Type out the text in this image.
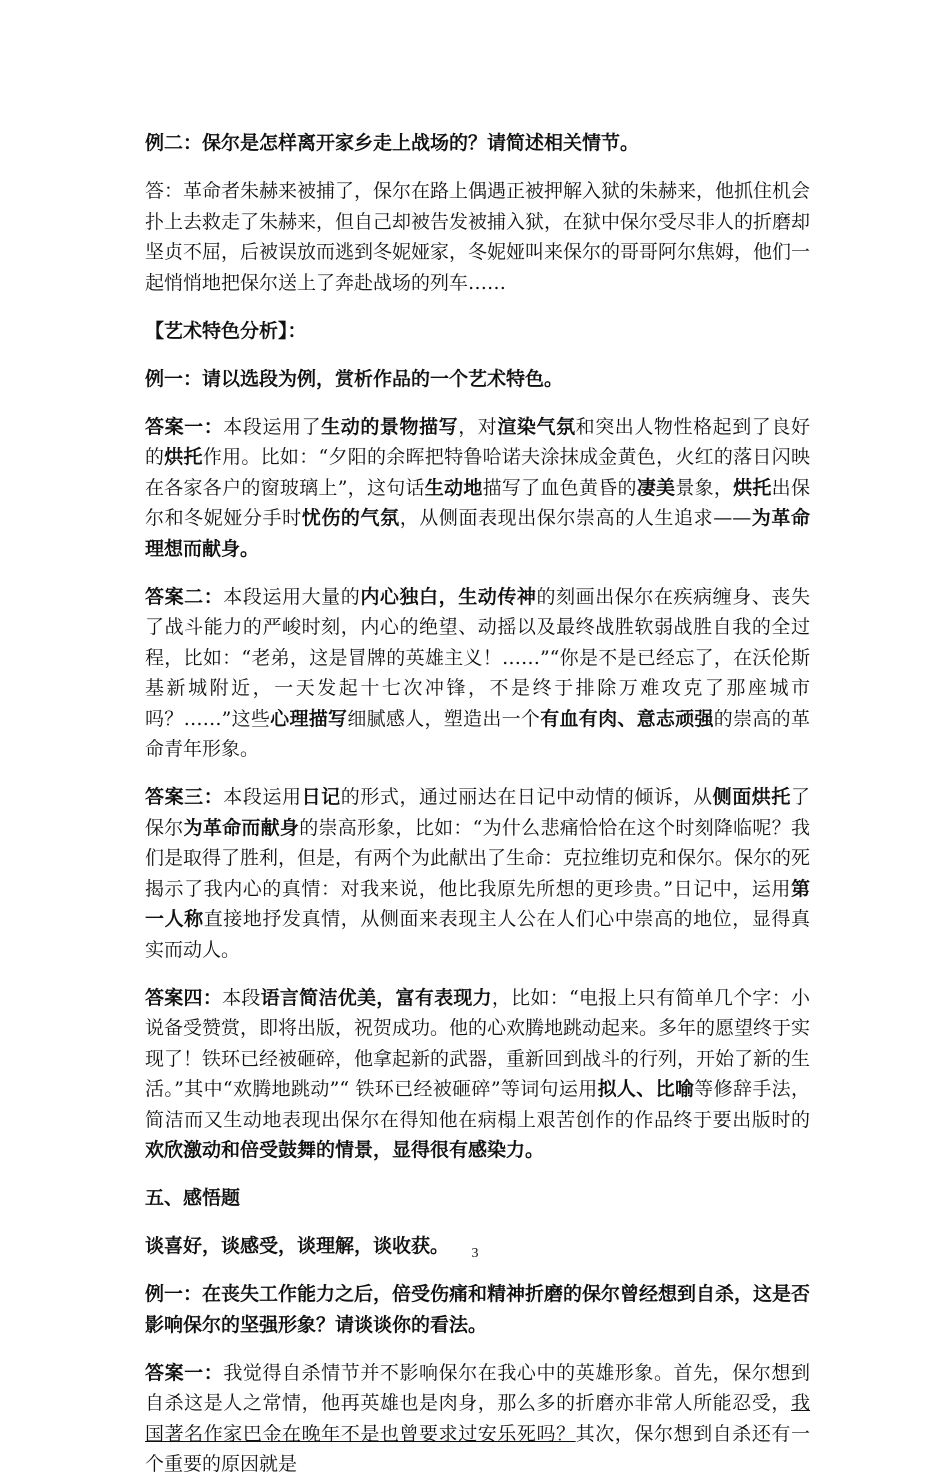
例二：保尔是怎样离开家乡走上战场的？请简述相关情节。

答：革命者朱赫来被捕了，保尔在路上偶遇正被押解入狱的朱赫来，他抓住机会扑上去救走了朱赫来，但自己却被告发被捕入狱，在狱中保尔受尽非人的折磨却坚贞不屈，后被误放而逃到冬妮娅家，冬妮娅叫来保尔的哥哥阿尔焦姆，他们一起悄悄地把保尔送上了奔赴战场的列车……

【艺术特色分析】：

例一：请以选段为例，赏析作品的一个艺术特色。

答案一：本段运用了生动的景物描写，对渲染气氛和突出人物性格起到了良好的烘托作用。比如：“夕阳的余晖把特鲁哈诺夫涂抹成金黄色，火红的落日闪映在各家各户的窗玻璃上”，这句话生动地描写了血色黄昏的凄美景象，烘托出保尔和冬妮娅分手时忧伤的气氛，从侧面表现出保尔崇高的人生追求——为革命理想而献身。

答案二：本段运用大量的内心独白，生动传神的刻画出保尔在疾病缠身、丧失了战斗能力的严峻时刻，内心的绝望、动摇以及最终战胜软弱战胜自我的全过程，比如：“老弟，这是冒牌的英雄主义！……”“你是不是已经忘了，在沃伦斯基新城附近，一天发起十七次冲锋，不是终于排除万难攻克了那座城市吗？……”这些心理描写细腻感人，塑造出一个有血有肉、意志顽强的崇高的革命青年形象。

答案三：本段运用日记的形式，通过丽达在日记中动情的倾诉，从侧面烘托了保尔为革命而献身的崇高形象，比如：“为什么悲痛恰恰在这个时刻降临呢？我们是取得了胜利，但是，有两个为此献出了生命：克拉维切克和保尔。保尔的死揭示了我内心的真情：对我来说，他比我原先所想的更珍贵。”日记中，运用第一人称直接地抒发真情，从侧面来表现主人公在人们心中崇高的地位，显得真实而动人。

答案四：本段语言简洁优美，富有表现力，比如：“电报上只有简单几个字：小说备受赞赏，即将出版，祝贺成功。他的心欢腾地跳动起来。多年的愿望终于实现了！铁环已经被砸碎，他拿起新的武器，重新回到战斗的行列，开始了新的生活。”其中“欢腾地跳动”“ 铁环已经被砸碎”等词句运用拟人、比喻等修辞手法，简洁而又生动地表现出保尔在得知他在病榻上艰苦创作的作品终于要出版时的欢欣激动和倍受鼓舞的情景，显得很有感染力。

五、感悟题

谈喜好，谈感受，谈理解，谈收获。

例一：在丧失工作能力之后，倍受伤痛和精神折磨的保尔曾经想到自杀，这是否影响保尔的坚强形象？请谈谈你的看法。

答案一：我觉得自杀情节并不影响保尔在我心中的英雄形象。首先，保尔想到自杀这是人之常情，他再英雄也是肉身，那么多的折磨亦非常人所能忍受，我国著名作家巴金在晚年不是也曾要求过安乐死吗？其次，保尔想到自杀还有一个重要的原因就是

3
